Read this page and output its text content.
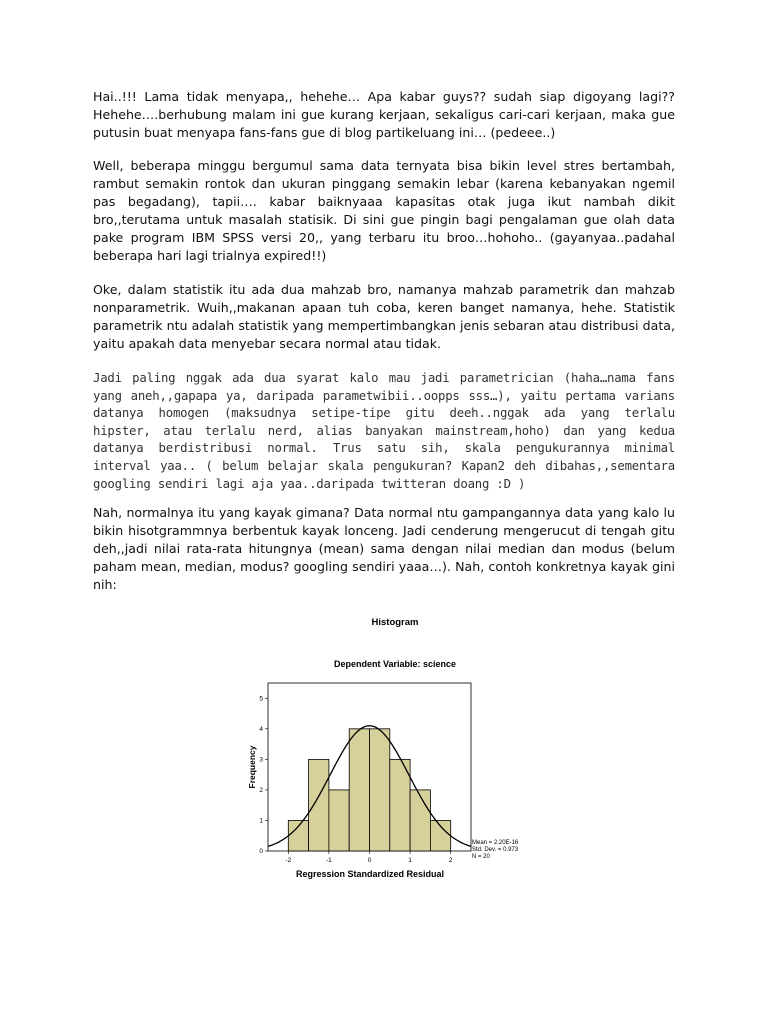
Hai..!!! Lama tidak menyapa,, hehehe… Apa kabar guys?? sudah siap digoyang lagi?? Hehehe….berhubung malam ini gue kurang kerjaan, sekaligus cari-cari kerjaan, maka gue putusin buat menyapa fans-fans gue di blog partikeluang ini… (pedeee..)

Well, beberapa minggu bergumul sama data ternyata bisa bikin level stres bertambah, rambut semakin rontok dan ukuran pinggang semakin lebar (karena kebanyakan ngemil pas begadang), tapii…. kabar baiknyaaa kapasitas otak juga ikut nambah dikit bro,,terutama untuk masalah statisik. Di sini gue pingin bagi pengalaman gue olah data pake program IBM SPSS versi 20,, yang terbaru itu broo…hohoho.. (gayanyaa..padahal beberapa hari lagi trialnya expired!!)

Oke, dalam statistik itu ada dua mahzab bro, namanya mahzab parametrik dan mahzab nonparametrik. Wuih,,makanan apaan tuh coba, keren banget namanya, hehe. Statistik parametrik ntu adalah statistik yang mempertimbangkan jenis sebaran atau distribusi data, yaitu apakah data menyebar secara normal atau tidak.

Jadi paling nggak ada dua syarat kalo mau jadi parametrician (haha…nama fans yang aneh,,gapapa ya, daripada parametwibii..oopps sss…), yaitu pertama varians datanya homogen (maksudnya setipe-tipe gitu deeh..nggak ada yang terlalu hipster, atau terlalu nerd, alias banyakan mainstream,hoho) dan yang kedua datanya berdistribusi normal. Trus satu sih, skala pengukurannya minimal interval yaa.. ( belum belajar skala pengukuran? Kapan2 deh dibahas,,sementara googling sendiri lagi aja yaa..daripada twitteran doang :D )

Nah, normalnya itu yang kayak gimana? Data normal ntu gampangannya data yang kalo lu bikin hisotgrammnya berbentuk kayak lonceng. Jadi cenderung mengerucut di tengah gitu deh,,jadi nilai rata-rata hitungnya (mean) sama dengan nilai median dan modus (belum paham mean, median, modus? googling sendiri yaaa…). Nah, contoh konkretnya kayak gini nih:

Histogram
Dependent Variable: science
0
1
2
3
4
5
-2	-1	0	1	2
Frequency
Regression Standardized Residual
Mean = 2.20E-16
Std. Dev. = 0.973
N = 20
